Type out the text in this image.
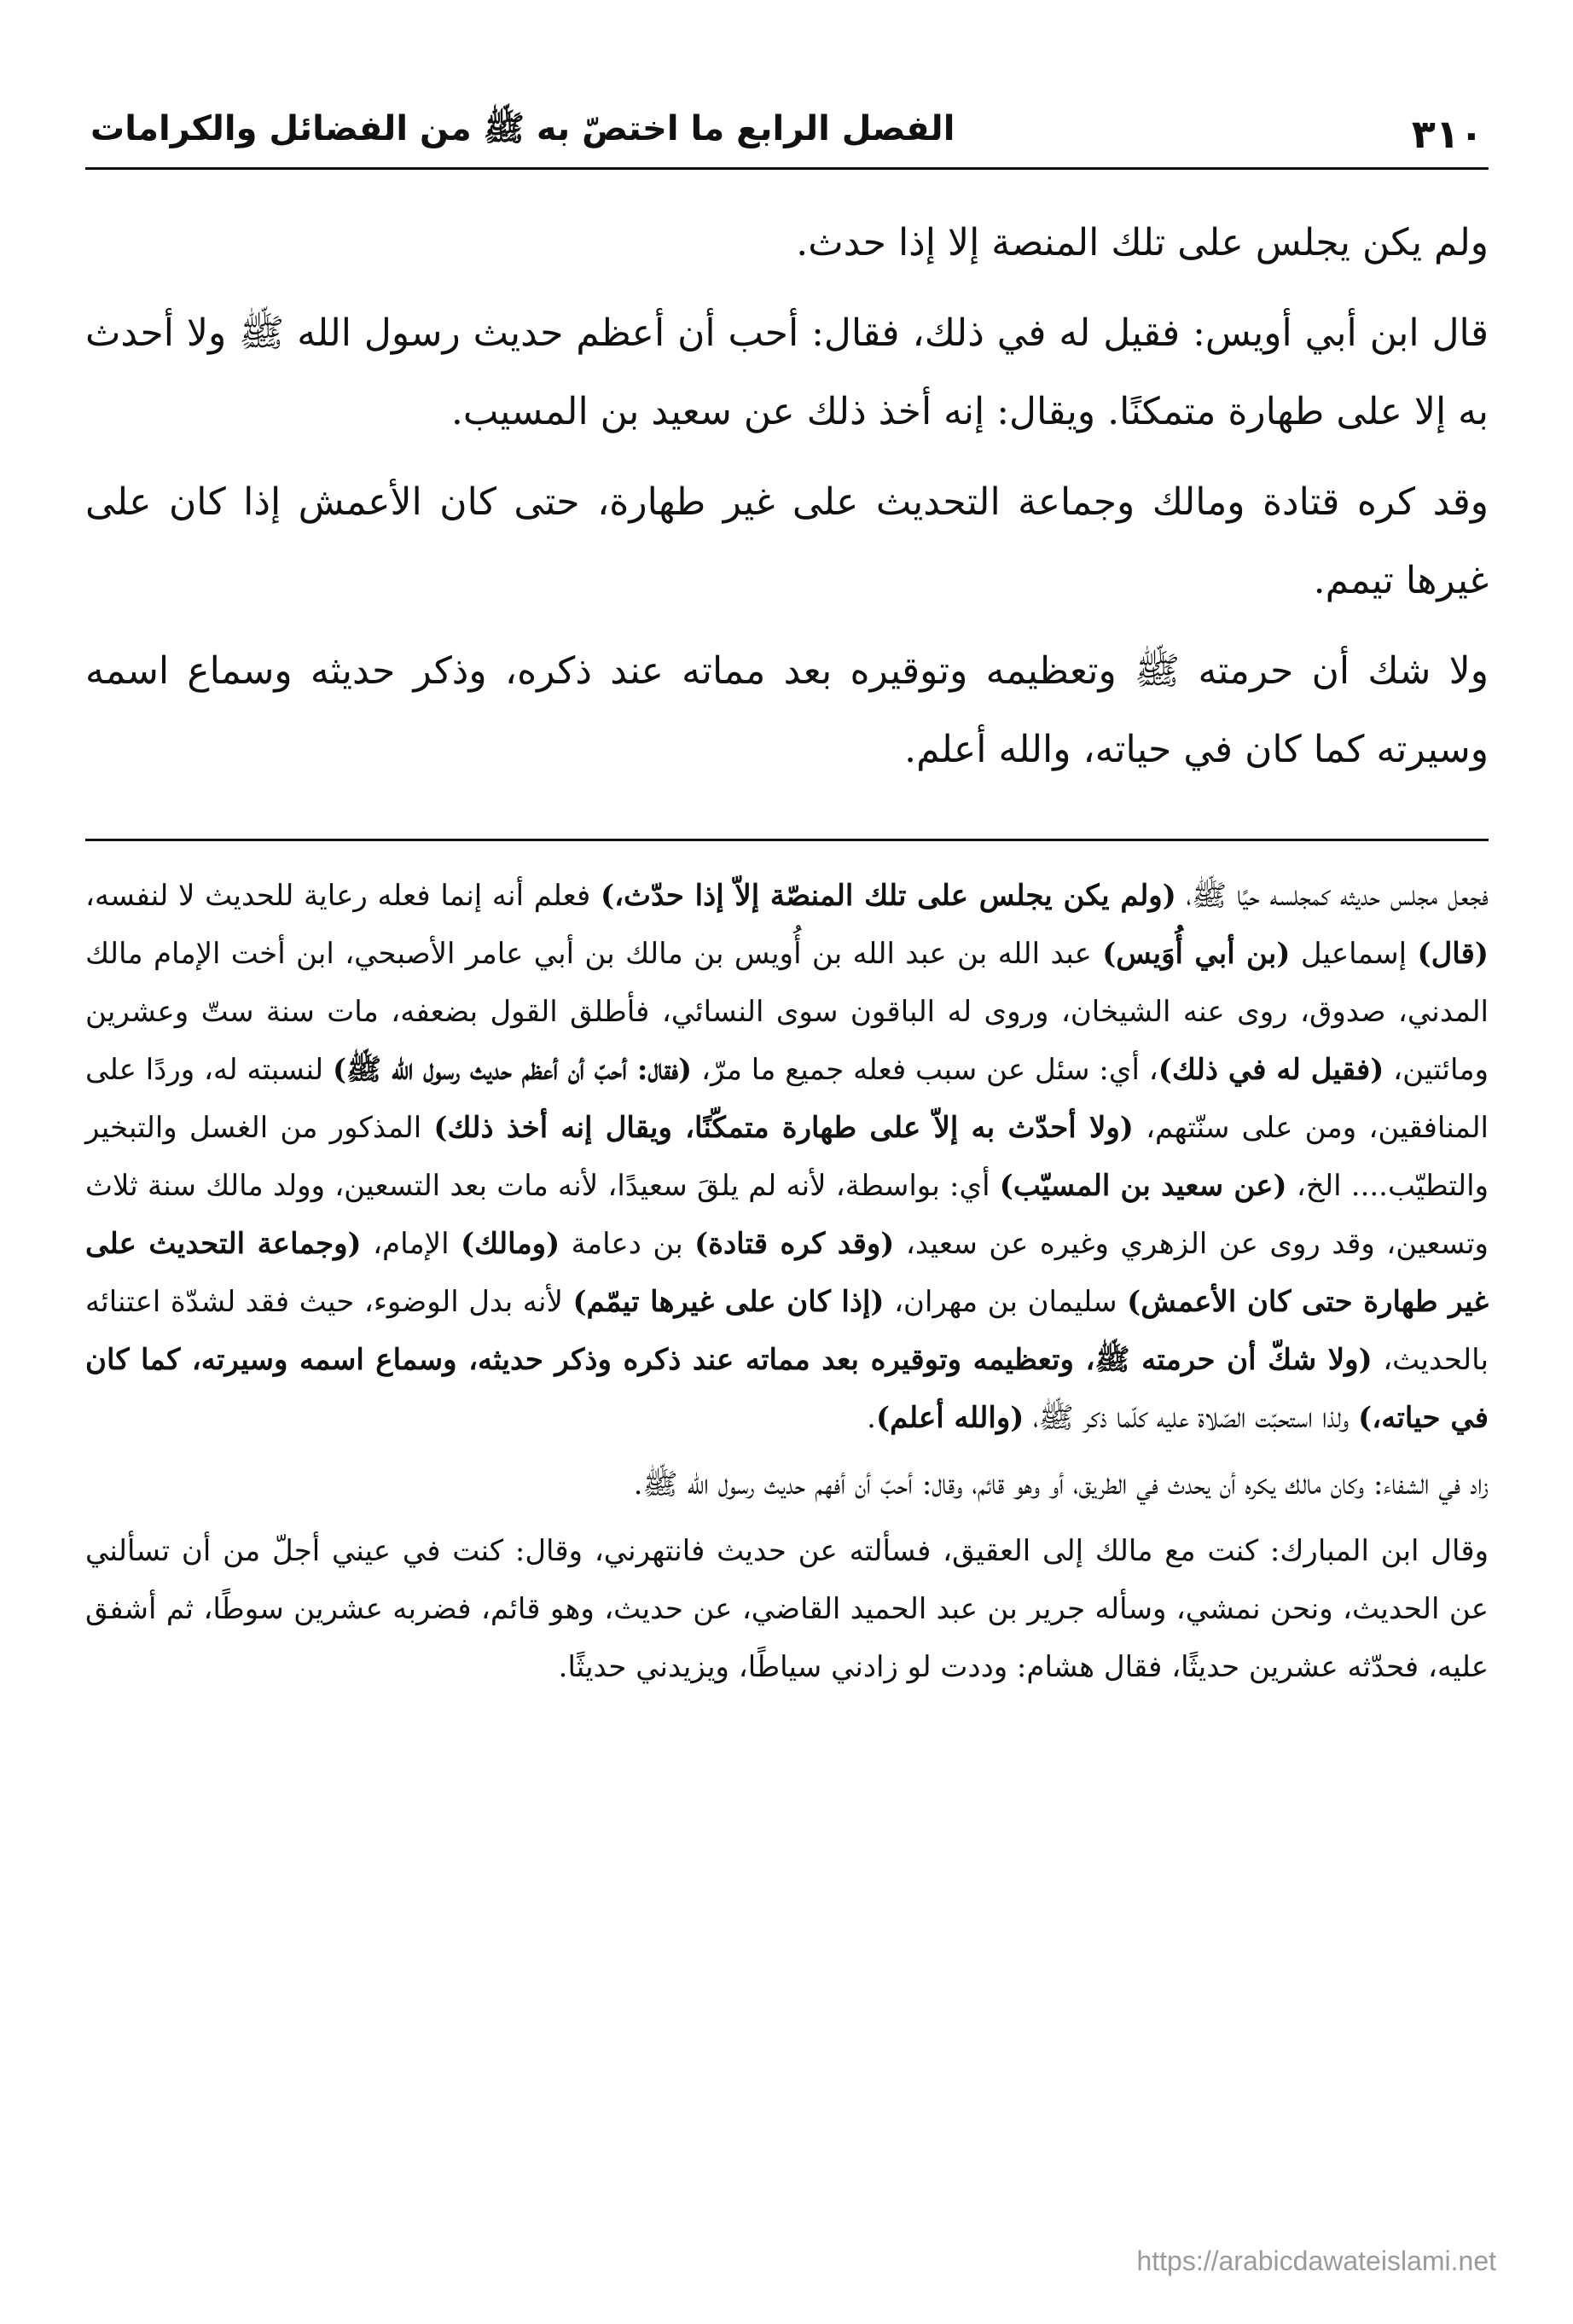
٣١٠
الفصل الرابع ما اختصّ به ﷺ من الفضائل والكرامات

ولم يكن يجلس على تلك المنصة إلا إذا حدث.

قال ابن أبي أويس: فقيل له في ذلك، فقال: أحب أن أعظم حديث رسول الله ﷺ ولا أحدث به إلا على طهارة متمكنًا. ويقال: إنه أخذ ذلك عن سعيد بن المسيب.

وقد كره قتادة ومالك وجماعة التحديث على غير طهارة، حتى كان الأعمش إذا كان على غيرها تيمم.

ولا شك أن حرمته ﷺ وتعظيمه وتوقيره بعد مماته عند ذكره، وذكر حديثه وسماع اسمه وسيرته كما كان في حياته، والله أعلم.

فجعل مجلس حديثه كمجلسه حيًا ﷺ، (ولم يكن يجلس على تلك المنصّة إلاّ إذا حدّث،) فعلم أنه إنما فعله رعاية للحديث لا لنفسه، (قال) إسماعيل (بن أبي أُوَيس) عبد الله بن عبد الله بن أُويس بن مالك بن أبي عامر الأصبحي، ابن أخت الإمام مالك المدني، صدوق، روى عنه الشيخان، وروى له الباقون سوى النسائي، فأطلق القول بضعفه، مات سنة ستّ وعشرين ومائتين، (فقيل له في ذلك)، أي: سئل عن سبب فعله جميع ما مرّ، (فقال: أحبّ أن أعظم حديث رسول الله ﷺ) لنسبته له، وردًا على المنافقين، ومن على سنّتهم، (ولا أحدّث به إلاّ على طهارة متمكّنًا، ويقال إنه أخذ ذلك) المذكور من الغسل والتبخير والتطيّب.... الخ، (عن سعيد بن المسيّب) أي: بواسطة، لأنه لم يلقَ سعيدًا، لأنه مات بعد التسعين، وولد مالك سنة ثلاث وتسعين، وقد روى عن الزهري وغيره عن سعيد، (وقد كره قتادة) بن دعامة (ومالك) الإمام، (وجماعة التحديث على غير طهارة حتى كان الأعمش) سليمان بن مهران، (إذا كان على غيرها تيمّم) لأنه بدل الوضوء، حيث فقد لشدّة اعتنائه بالحديث، (ولا شكّ أن حرمته ﷺ، وتعظيمه وتوقيره بعد مماته عند ذكره وذكر حديثه، وسماع اسمه وسيرته، كما كان في حياته،) ولذا استحبّت الصّلاة عليه كلّما ذكر ﷺ، (والله أعلم).

زاد في الشفاء: وكان مالك يكره أن يحدث في الطريق، أو وهو قائم، وقال: أحبّ أن أفهم حديث رسول الله ﷺ.

وقال ابن المبارك: كنت مع مالك إلى العقيق، فسألته عن حديث فانتهرني، وقال: كنت في عيني أجلّ من أن تسألني عن الحديث، ونحن نمشي، وسأله جرير بن عبد الحميد القاضي، عن حديث، وهو قائم، فضربه عشرين سوطًا، ثم أشفق عليه، فحدّثه عشرين حديثًا، فقال هشام: وددت لو زادني سياطًا، ويزيدني حديثًا.

https://arabicdawateislami.net
